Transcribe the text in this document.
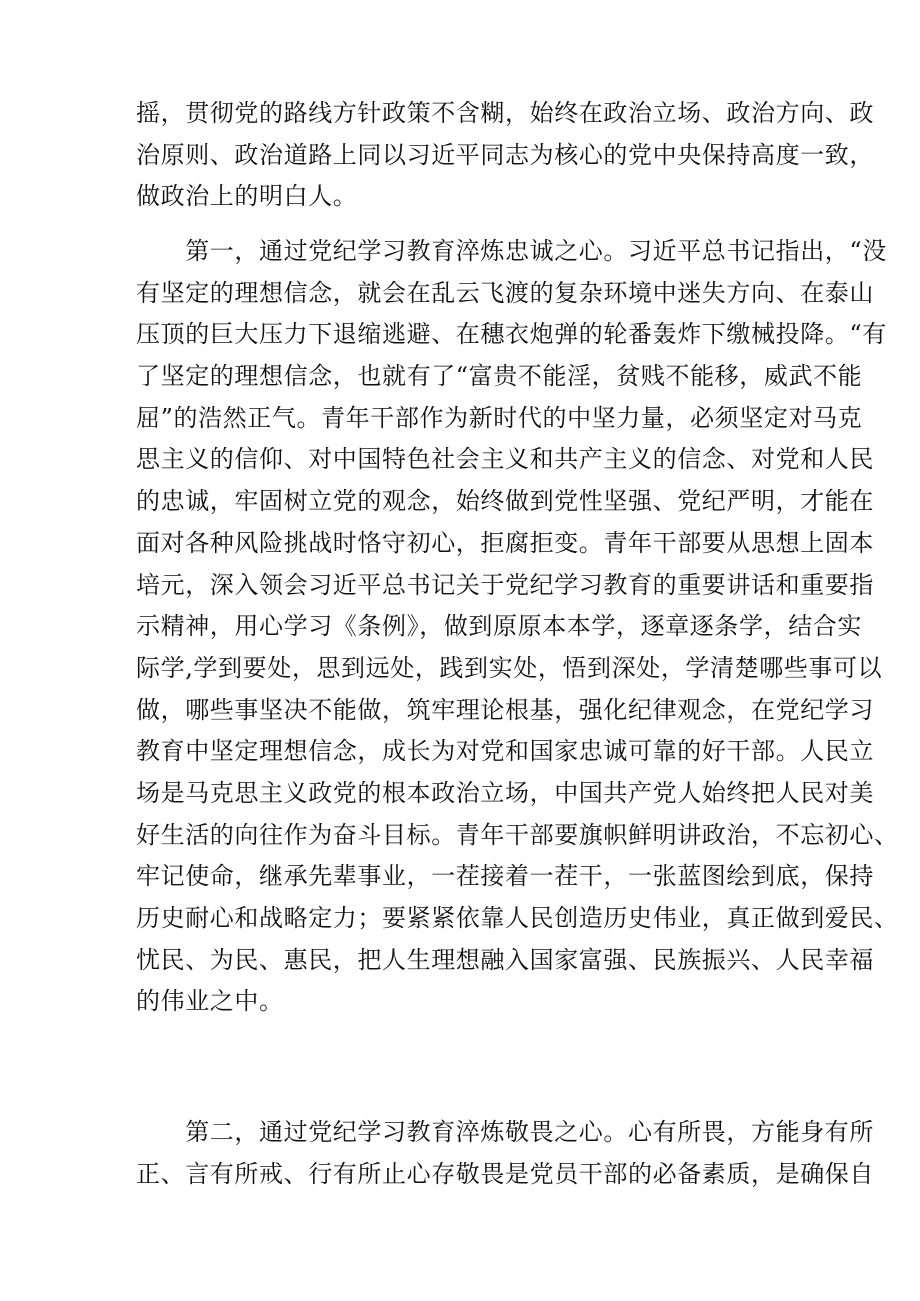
摇，贯彻党的路线方针政策不含糊，始终在政治立场、政治方向、政
治原则、政治道路上同以习近平同志为核心的党中央保持高度一致，
做政治上的明白人。
　　第一，通过党纪学习教育淬炼忠诚之心。习近平总书记指出，“没
有坚定的理想信念，就会在乱云飞渡的复杂环境中迷失方向、在泰山
压顶的巨大压力下退缩逃避、在穗衣炮弹的轮番轰炸下缴械投降。“有
了坚定的理想信念，也就有了“富贵不能淫，贫贱不能移，威武不能
屈”的浩然正气。青年干部作为新时代的中坚力量，必须坚定对马克
思主义的信仰、对中国特色社会主义和共产主义的信念、对党和人民
的忠诚，牢固树立党的观念，始终做到党性坚强、党纪严明，才能在
面对各种风险挑战时恪守初心，拒腐拒变。青年干部要从思想上固本
培元，深入领会习近平总书记关于党纪学习教育的重要讲话和重要指
示精神，用心学习《条例》，做到原原本本学，逐章逐条学，结合实
际学,学到要处，思到远处，践到实处，悟到深处，学清楚哪些事可以
做，哪些事坚决不能做，筑牢理论根基，强化纪律观念，在党纪学习
教育中坚定理想信念，成长为对党和国家忠诚可靠的好干部。人民立
场是马克思主义政党的根本政治立场，中国共产党人始终把人民对美
好生活的向往作为奋斗目标。青年干部要旗帜鲜明讲政治，不忘初心、
牢记使命，继承先辈事业，一茬接着一茬干，一张蓝图绘到底，保持
历史耐心和战略定力；要紧紧依靠人民创造历史伟业，真正做到爱民、
忧民、为民、惠民，把人生理想融入国家富强、民族振兴、人民幸福
的伟业之中。
　　第二，通过党纪学习教育淬炼敬畏之心。心有所畏，方能身有所
正、言有所戒、行有所止心存敬畏是党员干部的必备素质，是确保自
